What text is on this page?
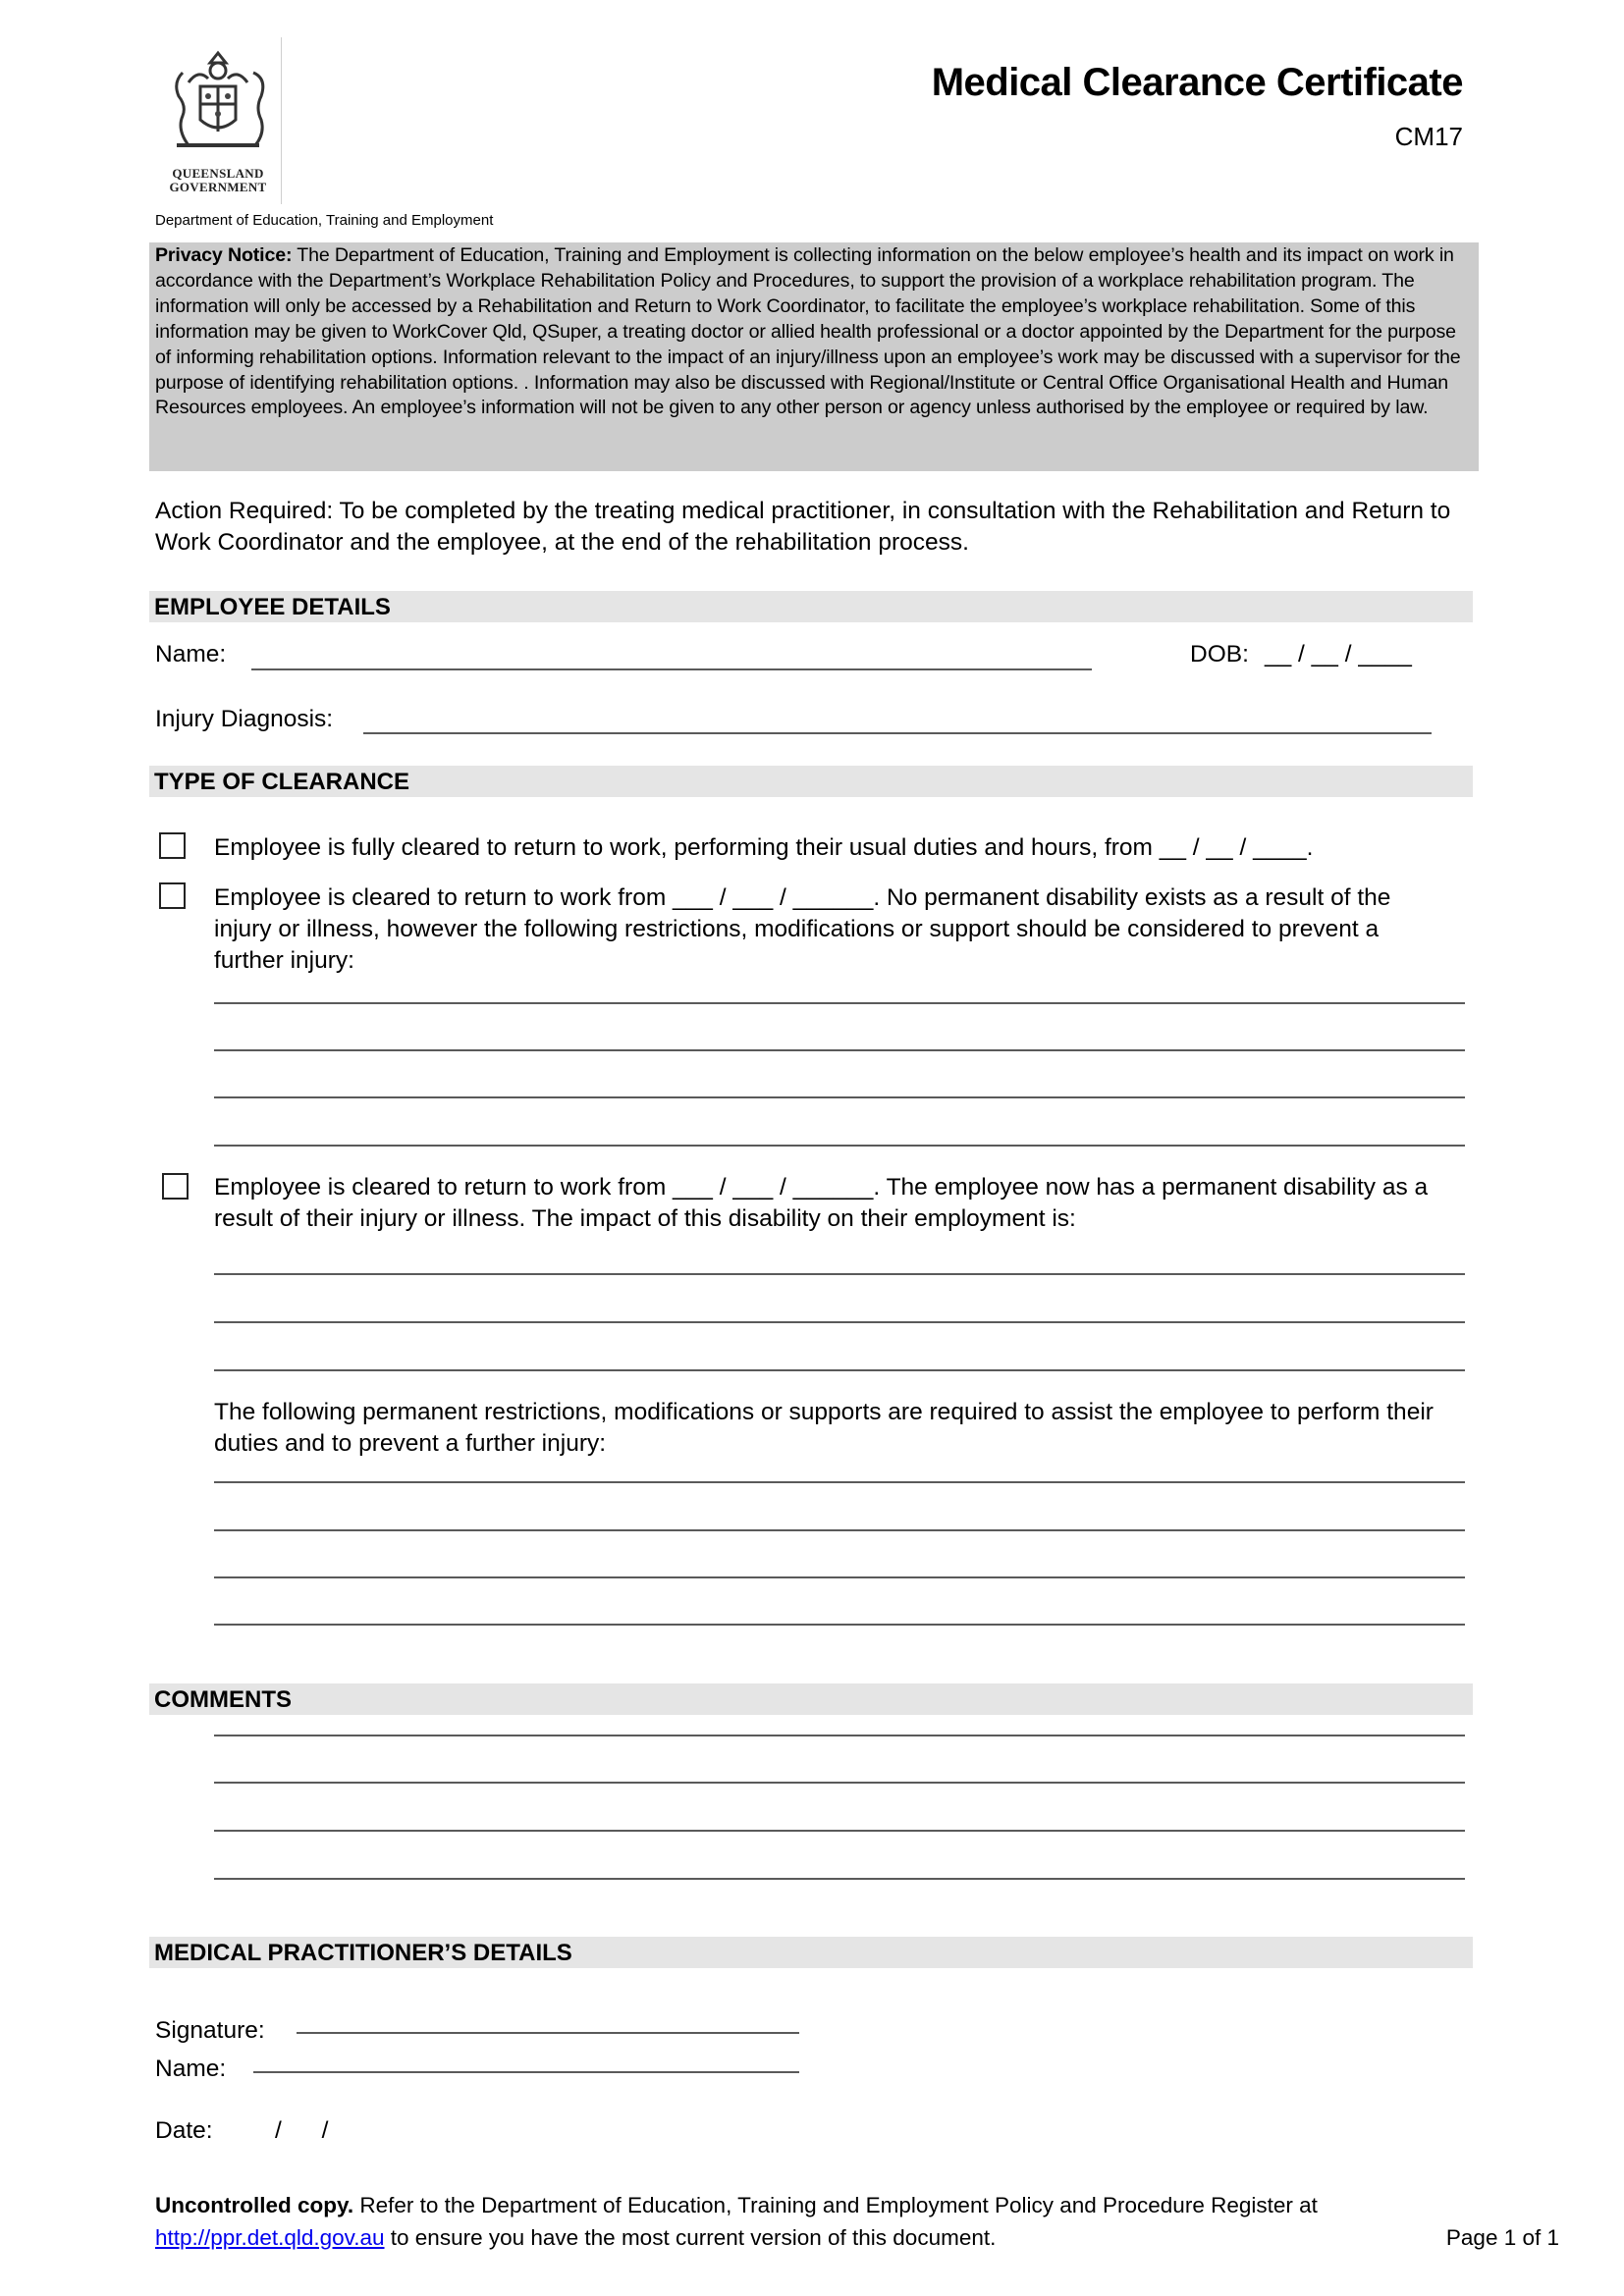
QUEENSLAND
GOVERNMENT
Department of Education, Training and Employment
Medical Clearance Certificate
CM17
Privacy Notice: The Department of Education, Training and Employment is collecting information on the below employee’s health and its impact on work in accordance with the Department’s Workplace Rehabilitation Policy and Procedures, to support the provision of a workplace rehabilitation program. The information will only be accessed by a Rehabilitation and Return to Work Coordinator, to facilitate the employee’s workplace rehabilitation. Some of this information may be given to WorkCover Qld, QSuper, a treating doctor or allied health professional or a doctor appointed by the Department for the purpose of informing rehabilitation options. Information relevant to the impact of an injury/illness upon an employee’s work may be discussed with a supervisor for the purpose of identifying rehabilitation options. . Information may also be discussed with Regional/Institute or Central Office Organisational Health and Human Resources employees. An employee’s information will not be given to any other person or agency unless authorised by the employee or required by law.
Action Required: To be completed by the treating medical practitioner, in consultation with the Rehabilitation and Return to Work Coordinator and the employee, at the end of the rehabilitation process.
EMPLOYEE DETAILS
Name:	DOB: __ / __ / ____
Injury Diagnosis:
TYPE OF CLEARANCE
Employee is fully cleared to return to work, performing their usual duties and hours, from __ / __ / ____.
Employee is cleared to return to work from ___ / ___ / ______. No permanent disability exists as a result of the injury or illness, however the following restrictions, modifications or support should be considered to prevent a further injury:
Employee is cleared to return to work from ___ / ___ / ______. The employee now has a permanent disability as a result of their injury or illness. The impact of this disability on their employment is:
The following permanent restrictions, modifications or supports are required to assist the employee to perform their duties and to prevent a further injury:
COMMENTS
MEDICAL PRACTITIONER’S DETAILS
Signature:
Name:
Date:	/      /
Uncontrolled copy. Refer to the Department of Education, Training and Employment Policy and Procedure Register at
http://ppr.det.qld.gov.au to ensure you have the most current version of this document.	Page 1 of 1
